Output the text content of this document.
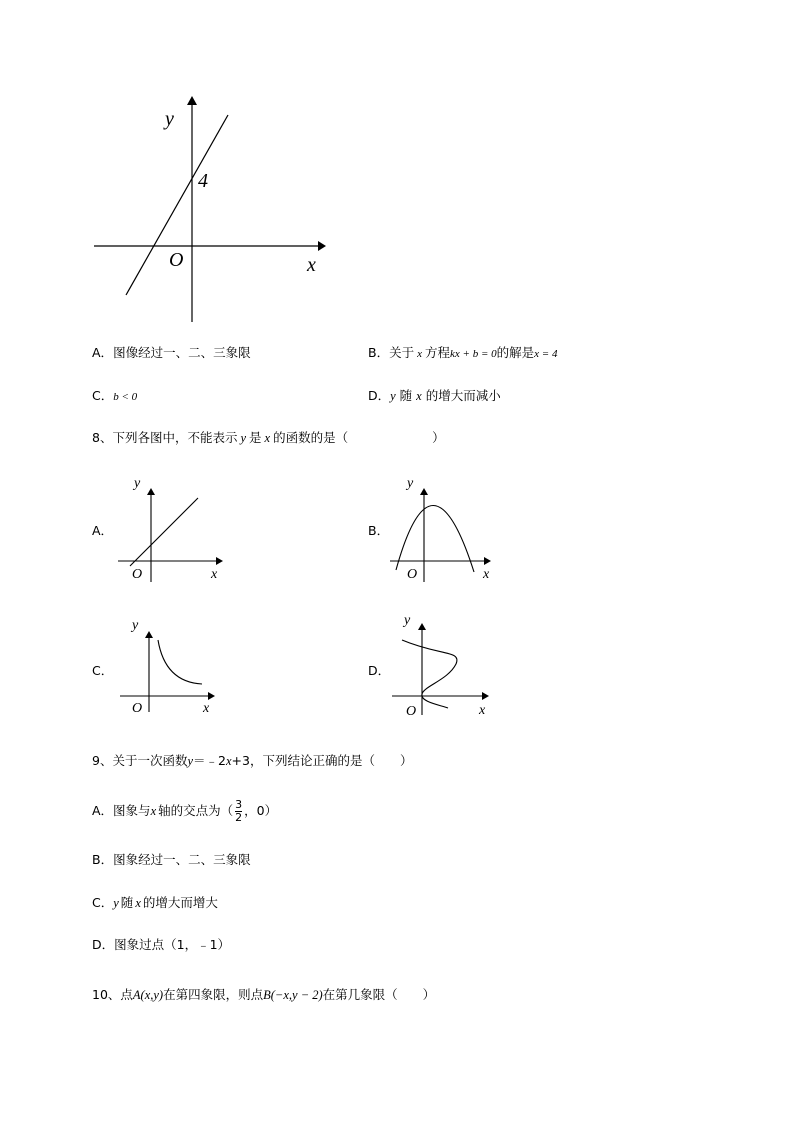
y
4
O	x
A．图像经过一、二、三象限	B．关于 x 方程kx + b = 0的解是x = 4
C．b < 0	D．y 随 x 的增大而减小
8、下列各图中，不能表示 y 是 x 的函数的是（	）
A．	B．
C．	D．
y
O	x
y
O	x
y
O	x
y
O	x
9、关于一次函数y＝﹣2x+3，下列结论正确的是（　　）
A．图象与x 轴的交点为（ $\frac{3}{2}$ ，0）
B．图象经过一、二、三象限
C．y 随 x 的增大而增大
D．图象过点（1，﹣1）
10、点A(x,y)在第四象限，则点B(−x,y − 2)在第几象限（　　）
